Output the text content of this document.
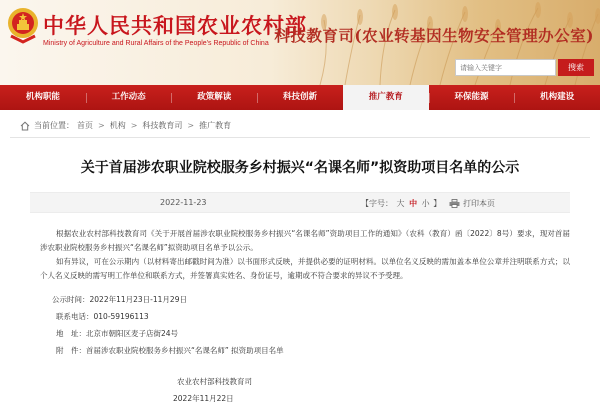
中华人民共和国农业农村部
Ministry of Agriculture and Rural Affairs of the People's Republic of China 科技教育司(农业转基因生物安全管理办公室)
请输入关键字
搜索
机构职能	工作动态	政策解读	科技创新	推广教育	环保能源	机构建设
当前位置： 首页 > 机构 > 科技教育司 > 推广教育
关于首届涉农职业院校服务乡村振兴“名课名师”拟资助项目名单的公示
2022-11-23	【字号： 大 中 小 】	打印本页

根据农业农村部科技教育司《关于开展首届涉农职业院校服务乡村振兴“名课名师”资助项目工作的通知》（农科（教育）函〔2022〕8号）要求，现对首届涉农职业院校服务乡村振兴“名课名师”拟资助项目名单予以公示。

如有异议，可在公示期内（以材料寄出邮戳时间为准）以书面形式反映，并提供必要的证明材料。以单位名义反映的需加盖本单位公章并注明联系方式；以个人名义反映的需写明工作单位和联系方式，并签署真实姓名、身份证号，逾期或不符合要求的异议不予受理。

公示时间：2022年11月23日-11月29日
联系电话：010-59196113
地　址：北京市朝阳区麦子店街24号
附　件：首届涉农职业院校服务乡村振兴“名课名师” 拟资助项目名单
农业农村部科技教育司
2022年11月22日
